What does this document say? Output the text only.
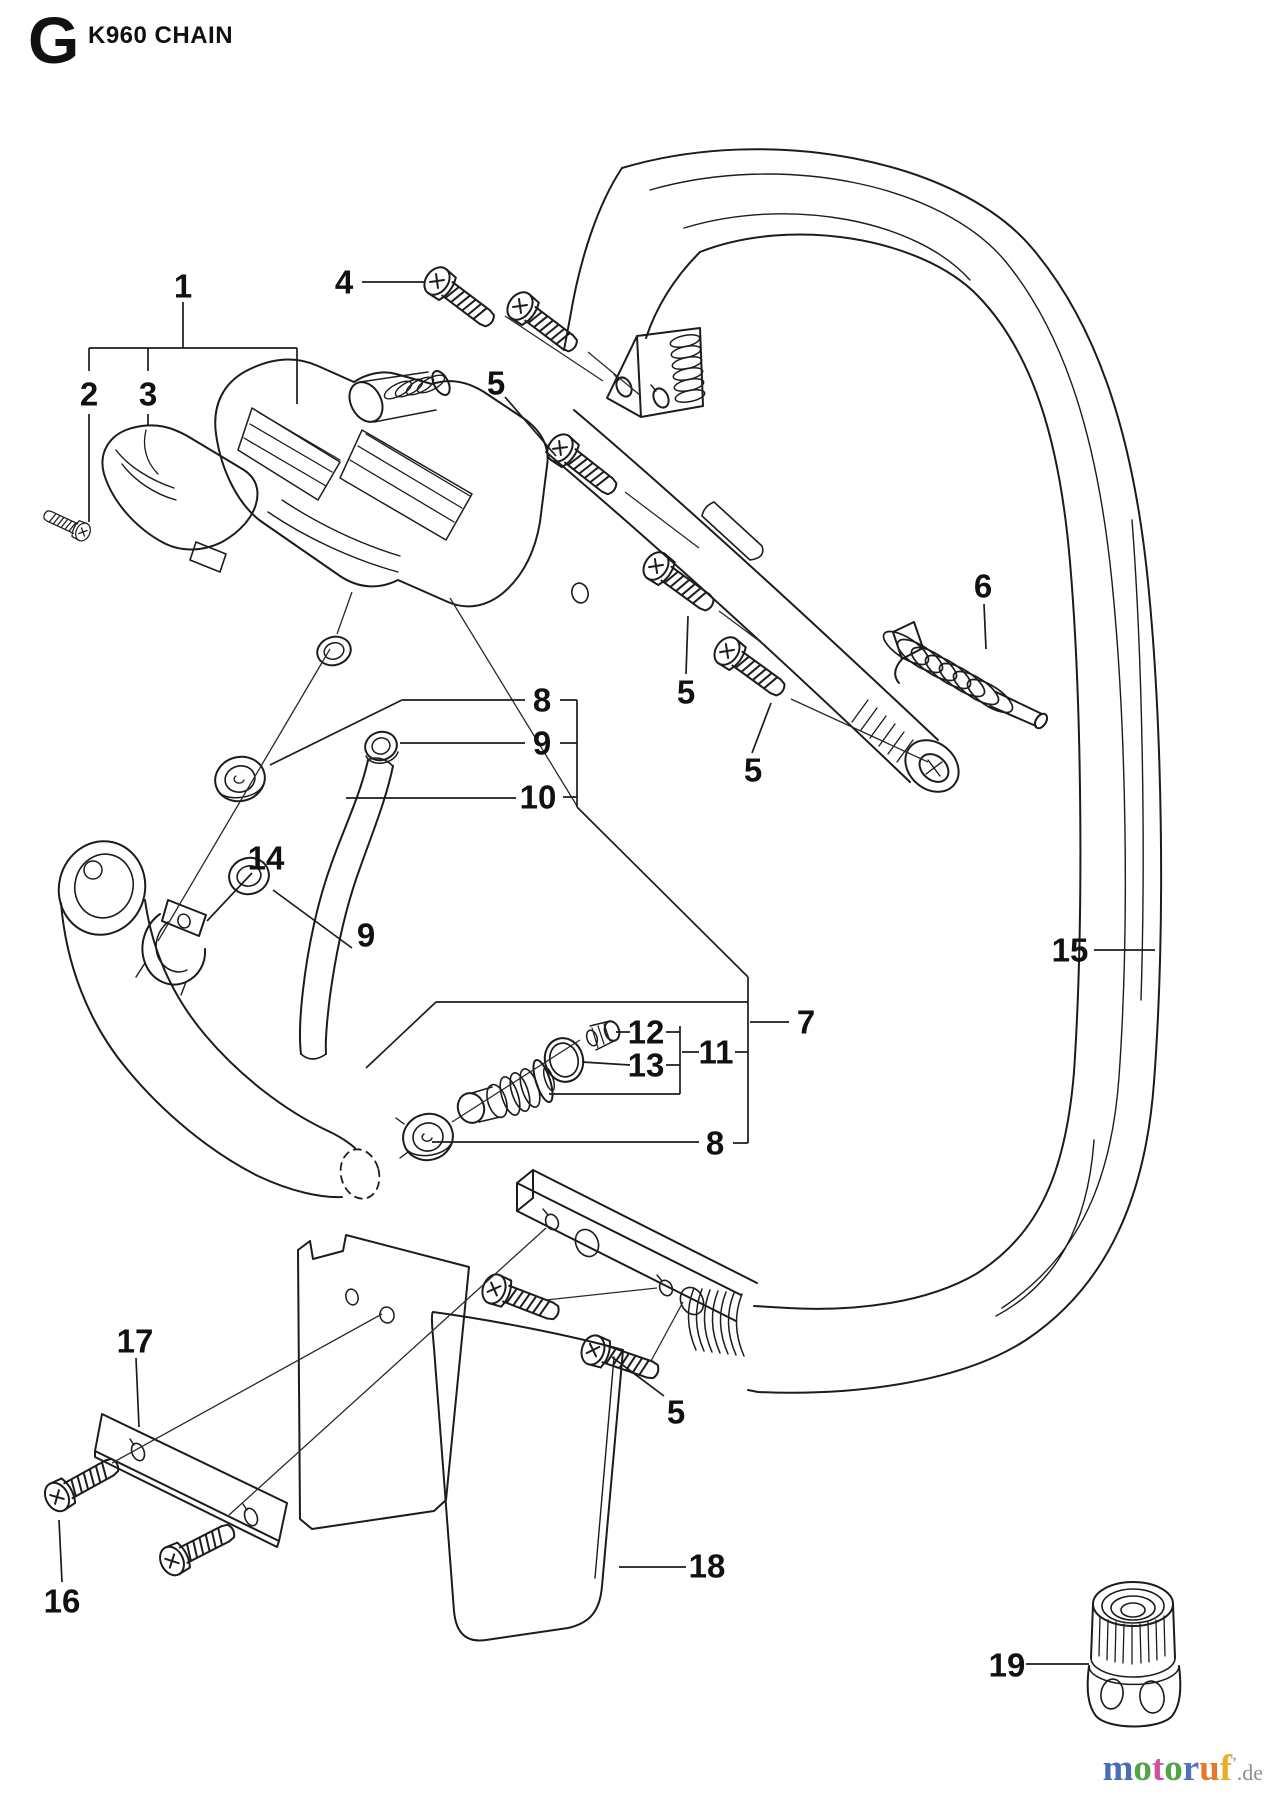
G K960 CHAIN
1
2 3
4
5
5
5
5
6
7
8
8
9
9
10
11
12
13
14
15
16
17
18
19
motoruf’.de
